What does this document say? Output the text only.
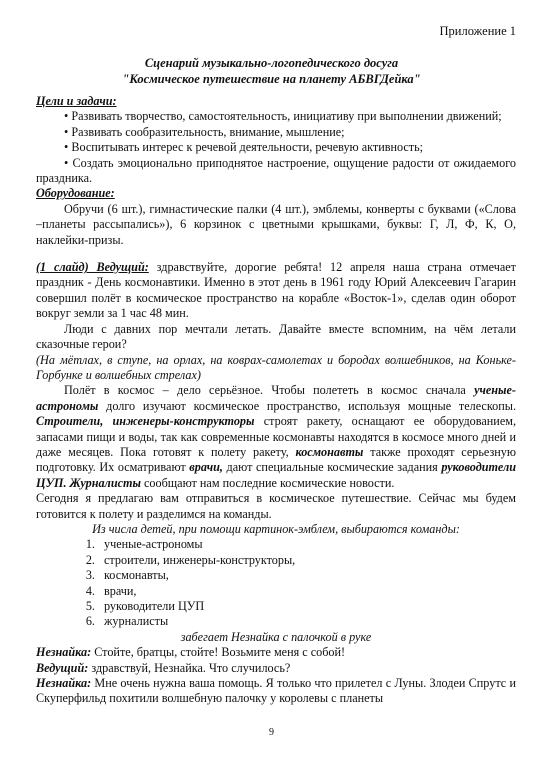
Приложение 1
Сценарий музыкально-логопедического досуга
"Космическое путешествие на планету АБВГДейка"

Цели и задачи:

• Развивать творчество, самостоятельность, инициативу при выполнении движений;

• Развивать сообразительность, внимание, мышление;

• Воспитывать интерес к речевой деятельности, речевую активность;

• Создать эмоционально приподнятое настроение, ощущение радости от ожидаемого праздника.

Оборудование:

Обручи (6 шт.), гимнастические палки (4 шт.), эмблемы, конверты с буквами («Слова –планеты рассыпались»), 6 корзинок с цветными крышками, буквы: Г, Л, Ф, К, О, наклейки-призы.

(1 слайд) Ведущий: здравствуйте, дорогие ребята! 12 апреля наша страна отмечает праздник - День космонавтики. Именно в этот день в 1961 году Юрий Алексеевич Гагарин совершил полёт в космическое пространство на корабле «Восток-1», сделав один оборот вокруг земли за 1 час 48 мин.

Люди с давних пор мечтали летать. Давайте вместе вспомним, на чём летали сказочные герои?

(На мётлах, в ступе, на орлах, на коврах-самолетах и бородах волшебников, на Коньке-Горбунке и волшебных стрелах)

Полёт в космос – дело серьёзное. Чтобы полететь в космос сначала ученые-астрономы долго изучают космическое пространство, используя мощные телескопы. Строители, инженеры-конструкторы строят ракету, оснащают ее оборудованием, запасами пищи и воды, так как современные космонавты находятся в космосе много дней и даже месяцев. Пока готовят к полету ракету, космонавты также проходят серьезную подготовку. Их осматривают врачи, дают специальные космические задания руководители ЦУП. Журналисты сообщают нам последние космические новости.

Сегодня я предлагаю вам отправиться в космическое путешествие. Сейчас мы будем готовится к полету и разделимся на команды.

Из числа детей, при помощи картинок-эмблем, выбираются команды:

1. ученые-астрономы
2. строители, инженеры-конструкторы,
3. космонавты,
4. врачи,
5. руководители ЦУП
6. журналисты

забегает Незнайка с палочкой в руке

Незнайка: Стойте, братцы, стойте! Возьмите меня с собой!

Ведущий: здравствуй, Незнайка. Что случилось?

Незнайка: Мне очень нужна ваша помощь. Я только что прилетел с Луны. Злодеи Спрутс и Скуперфильд похитили волшебную палочку у королевы с планеты

9
